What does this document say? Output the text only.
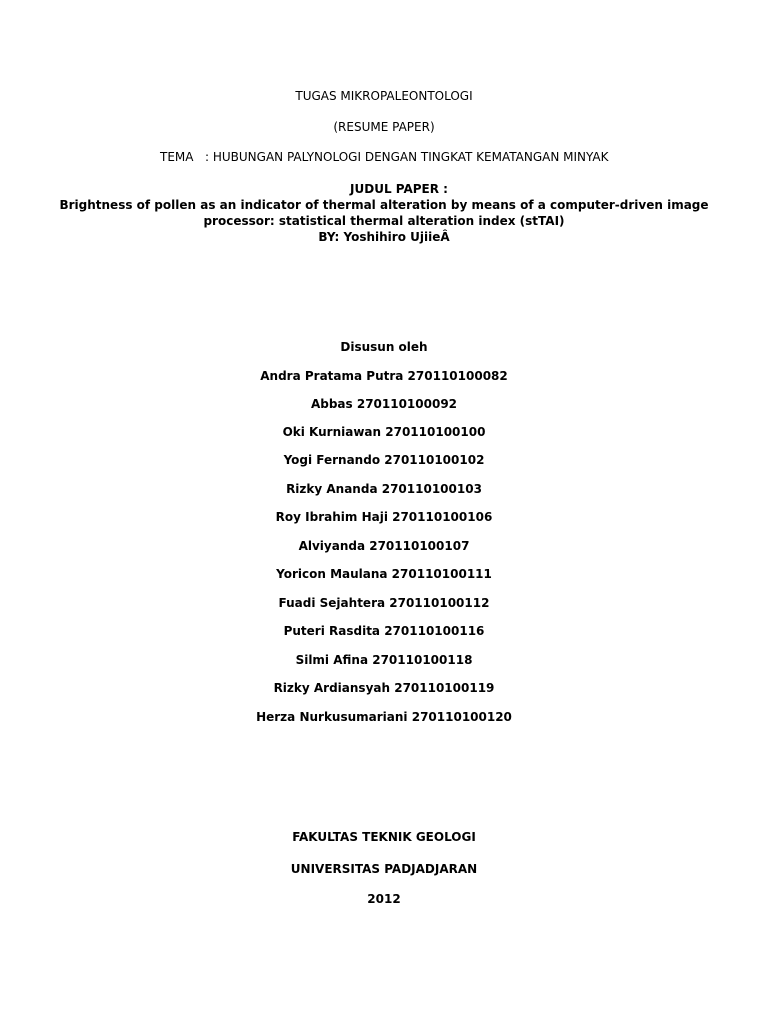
TUGAS MIKROPALEONTOLOGI
(RESUME PAPER)
TEMA : HUBUNGAN PALYNOLOGI DENGAN TINGKAT KEMATANGAN MINYAK
JUDUL PAPER :
Brightness of pollen as an indicator of thermal alteration by means of a computer-driven image
processor: statistical thermal alteration index (stTAI)
BY: Yoshihiro UjiieÂ
Disusun oleh
Andra Pratama Putra 270110100082
Abbas 270110100092
Oki Kurniawan 270110100100
Yogi Fernando 270110100102
Rizky Ananda 270110100103
Roy Ibrahim Haji 270110100106
Alviyanda 270110100107
Yoricon Maulana 270110100111
Fuadi Sejahtera 270110100112
Puteri Rasdita 270110100116
Silmi Afina 270110100118
Rizky Ardiansyah 270110100119
Herza Nurkusumariani 270110100120
FAKULTAS TEKNIK GEOLOGI
UNIVERSITAS PADJADJARAN
2012
